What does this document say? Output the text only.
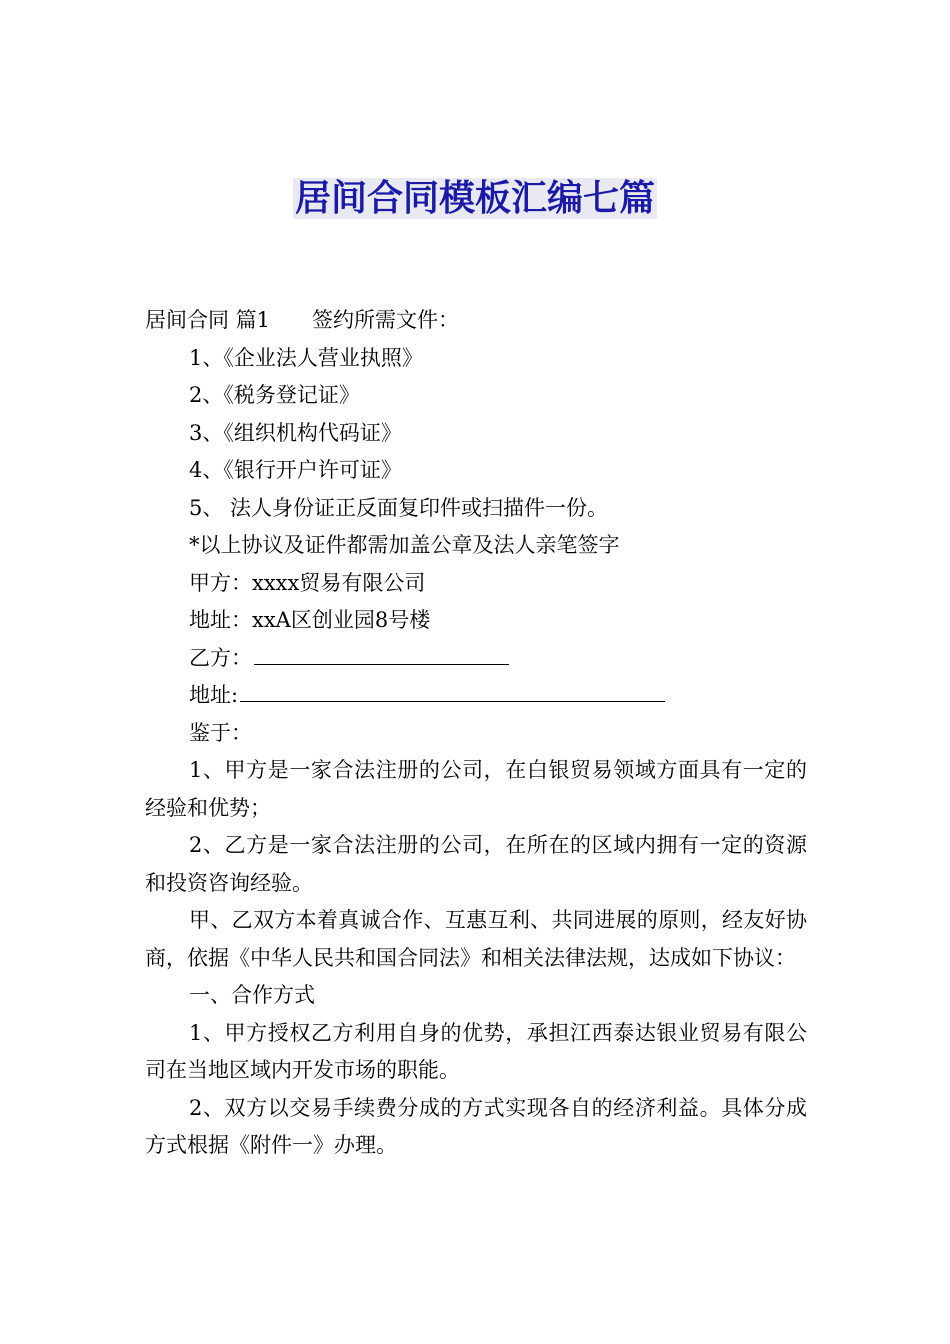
居间合同模板汇编七篇

居间合同 篇1 签约所需文件：

1、《企业法人营业执照》

2、《税务登记证》

3、《组织机构代码证》

4、《银行开户许可证》

5、 法人身份证正反面复印件或扫描件一份。

*以上协议及证件都需加盖公章及法人亲笔签字

甲方：xxxx贸易有限公司

地址：xxA区创业园8号楼

乙方：

地址:

鉴于：

1、甲方是一家合法注册的公司，在白银贸易领域方面具有一定的经验和优势；

2、乙方是一家合法注册的公司，在所在的区域内拥有一定的资源和投资咨询经验。

甲、乙双方本着真诚合作、互惠互利、共同进展的原则，经友好协商，依据《中华人民共和国合同法》和相关法律法规，达成如下协议：

一、合作方式

1、甲方授权乙方利用自身的优势，承担江西泰达银业贸易有限公司在当地区域内开发市场的职能。

2、双方以交易手续费分成的方式实现各自的经济利益。具体分成方式根据《附件一》办理。
